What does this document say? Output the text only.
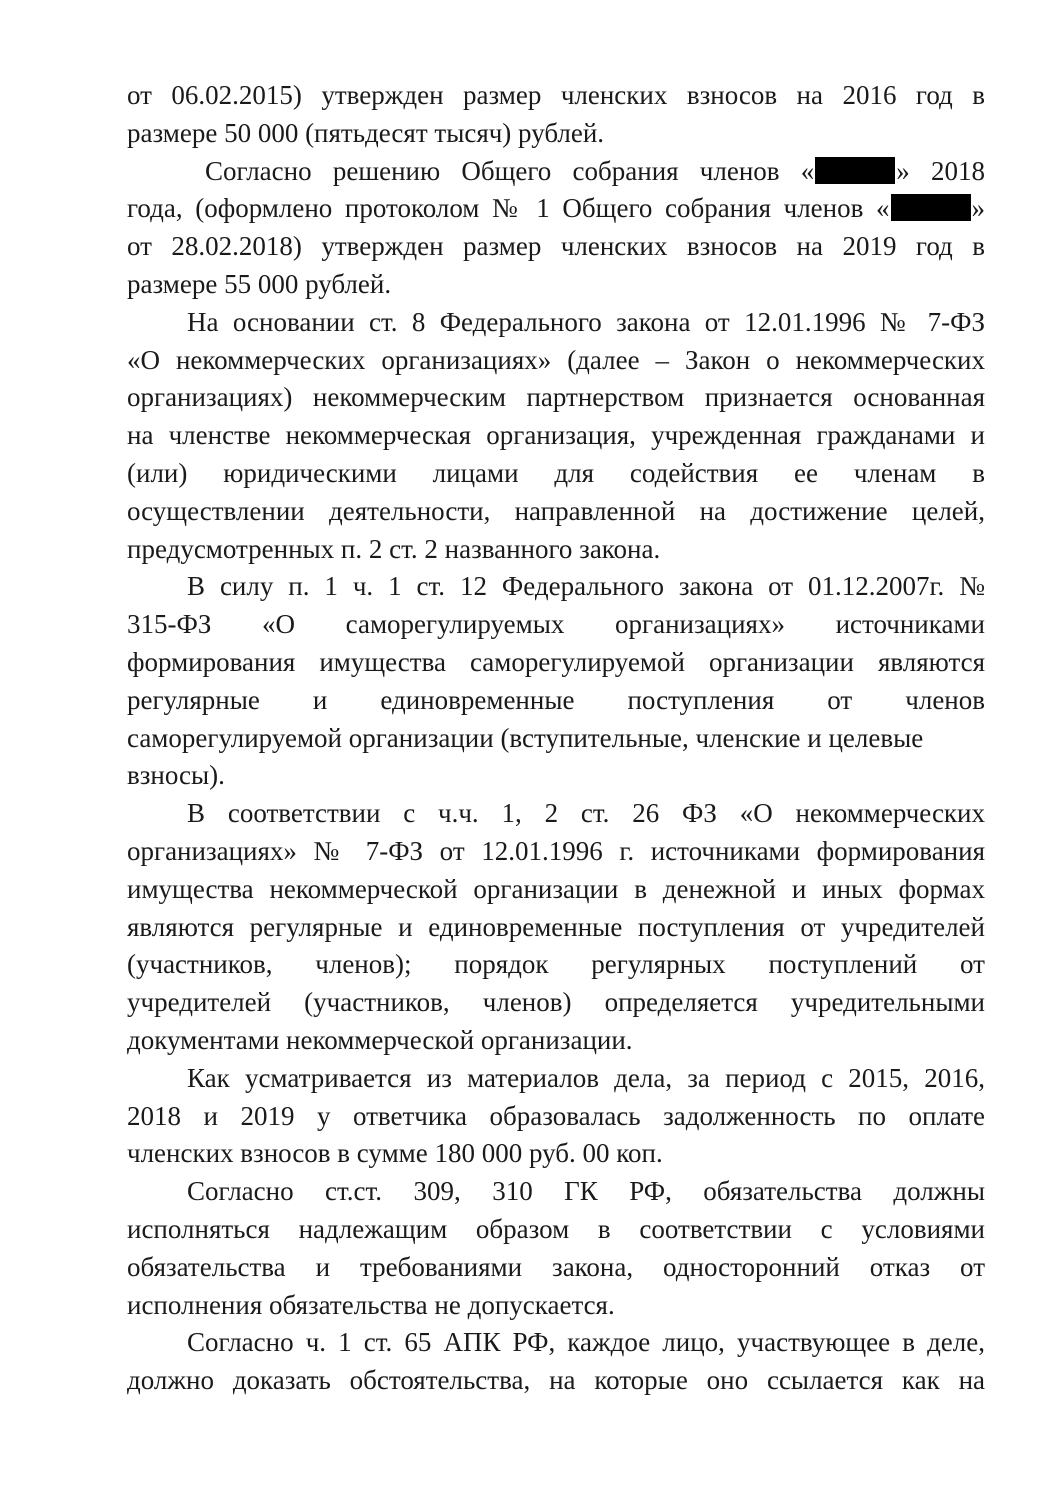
от 06.02.2015) утвержден размер членских взносов на 2016 год в
размере 50 000 (пятьдесят тысяч) рублей.
Согласно решению Общего собрания членов «	» 2018
года, (оформлено протоколом № 1 Общего собрания членов «	»
от 28.02.2018) утвержден размер членских взносов на 2019 год в
размере 55 000 рублей.
На основании ст. 8 Федерального закона от 12.01.1996 № 7-ФЗ
«О некоммерческих организациях» (далее – Закон о некоммерческих
организациях) некоммерческим партнерством признается основанная
на членстве некоммерческая организация, учрежденная гражданами и
(или) юридическими лицами для содействия ее членам в
осуществлении деятельности, направленной на достижение целей,
предусмотренных п. 2 ст. 2 названного закона.
В силу п. 1 ч. 1 ст. 12 Федерального закона от 01.12.2007г. №
315-ФЗ «О саморегулируемых организациях» источниками
формирования имущества саморегулируемой организации являются
регулярные и единовременные поступления от членов
саморегулируемой организации (вступительные, членские и целевые
взносы).
В соответствии с ч.ч. 1, 2 ст. 26 ФЗ «О некоммерческих
организациях» № 7-ФЗ от 12.01.1996 г. источниками формирования
имущества некоммерческой организации в денежной и иных формах
являются регулярные и единовременные поступления от учредителей
(участников, членов); порядок регулярных поступлений от
учредителей (участников, членов) определяется учредительными
документами некоммерческой организации.
Как усматривается из материалов дела, за период с 2015, 2016,
2018 и 2019 у ответчика образовалась задолженность по оплате
членских взносов в сумме 180 000 руб. 00 коп.
Согласно ст.ст. 309, 310 ГК РФ, обязательства должны
исполняться надлежащим образом в соответствии с условиями
обязательства и требованиями закона, односторонний отказ от
исполнения обязательства не допускается.
Согласно ч. 1 ст. 65 АПК РФ, каждое лицо, участвующее в деле,
должно доказать обстоятельства, на которые оно ссылается как на
